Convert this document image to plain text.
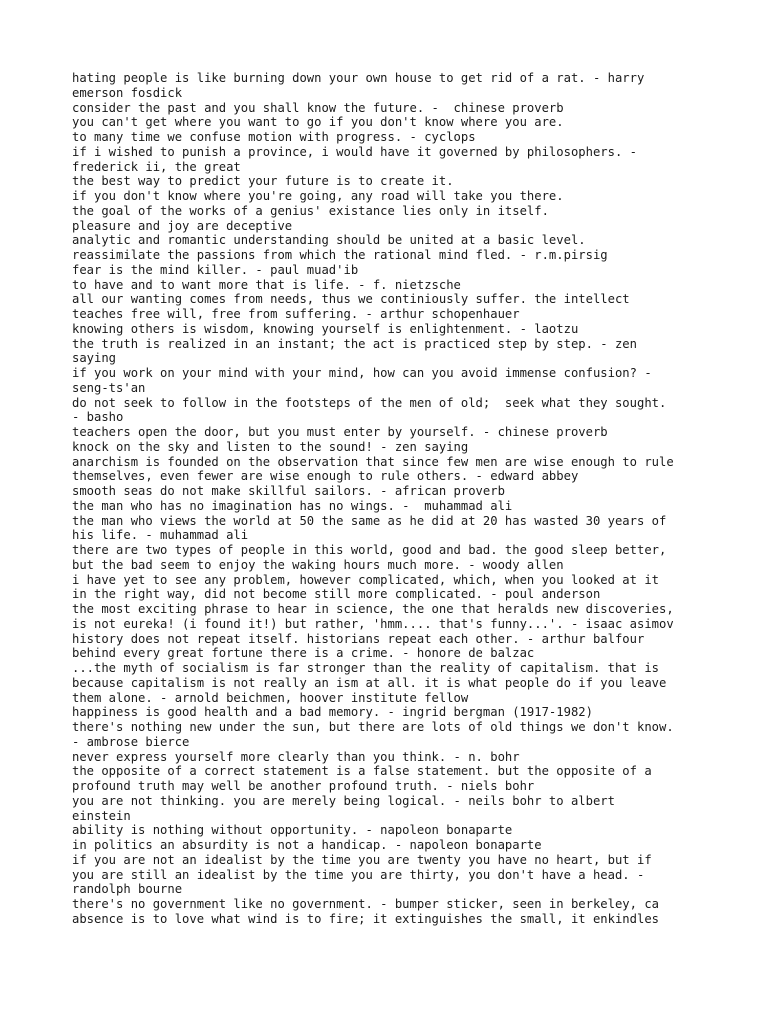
hating people is like burning down your own house to get rid of a rat. - harry

emerson fosdick

consider the past and you shall know the future. -  chinese proverb

you can't get where you want to go if you don't know where you are.

to many time we confuse motion with progress. - cyclops

if i wished to punish a province, i would have it governed by philosophers. -

frederick ii, the great

the best way to predict your future is to create it.

if you don't know where you're going, any road will take you there.

the goal of the works of a genius' existance lies only in itself.

pleasure and joy are deceptive

analytic and romantic understanding should be united at a basic level.

reassimilate the passions from which the rational mind fled. - r.m.pirsig

fear is the mind killer. - paul muad'ib

to have and to want more that is life. - f. nietzsche

all our wanting comes from needs, thus we continiously suffer. the intellect

teaches free will, free from suffering. - arthur schopenhauer

knowing others is wisdom, knowing yourself is enlightenment. - laotzu

the truth is realized in an instant; the act is practiced step by step. - zen

saying

if you work on your mind with your mind, how can you avoid immense confusion? -

seng-ts'an

do not seek to follow in the footsteps of the men of old;  seek what they sought.

- basho

teachers open the door, but you must enter by yourself. - chinese proverb

knock on the sky and listen to the sound! - zen saying

anarchism is founded on the observation that since few men are wise enough to rule

themselves, even fewer are wise enough to rule others. - edward abbey

smooth seas do not make skillful sailors. - african proverb

the man who has no imagination has no wings. -  muhammad ali

the man who views the world at 50 the same as he did at 20 has wasted 30 years of

his life. - muhammad ali

there are two types of people in this world, good and bad. the good sleep better,

but the bad seem to enjoy the waking hours much more. - woody allen

i have yet to see any problem, however complicated, which, when you looked at it

in the right way, did not become still more complicated. - poul anderson

the most exciting phrase to hear in science, the one that heralds new discoveries,

is not eureka! (i found it!) but rather, 'hmm.... that's funny...'. - isaac asimov

history does not repeat itself. historians repeat each other. - arthur balfour

behind every great fortune there is a crime. - honore de balzac

...the myth of socialism is far stronger than the reality of capitalism. that is

because capitalism is not really an ism at all. it is what people do if you leave

them alone. - arnold beichmen, hoover institute fellow

happiness is good health and a bad memory. - ingrid bergman (1917-1982)

there's nothing new under the sun, but there are lots of old things we don't know.

- ambrose bierce

never express yourself more clearly than you think. - n. bohr

the opposite of a correct statement is a false statement. but the opposite of a

profound truth may well be another profound truth. - niels bohr

you are not thinking. you are merely being logical. - neils bohr to albert

einstein

ability is nothing without opportunity. - napoleon bonaparte

in politics an absurdity is not a handicap. - napoleon bonaparte

if you are not an idealist by the time you are twenty you have no heart, but if

you are still an idealist by the time you are thirty, you don't have a head. -

randolph bourne

there's no government like no government. - bumper sticker, seen in berkeley, ca

absence is to love what wind is to fire; it extinguishes the small, it enkindles
